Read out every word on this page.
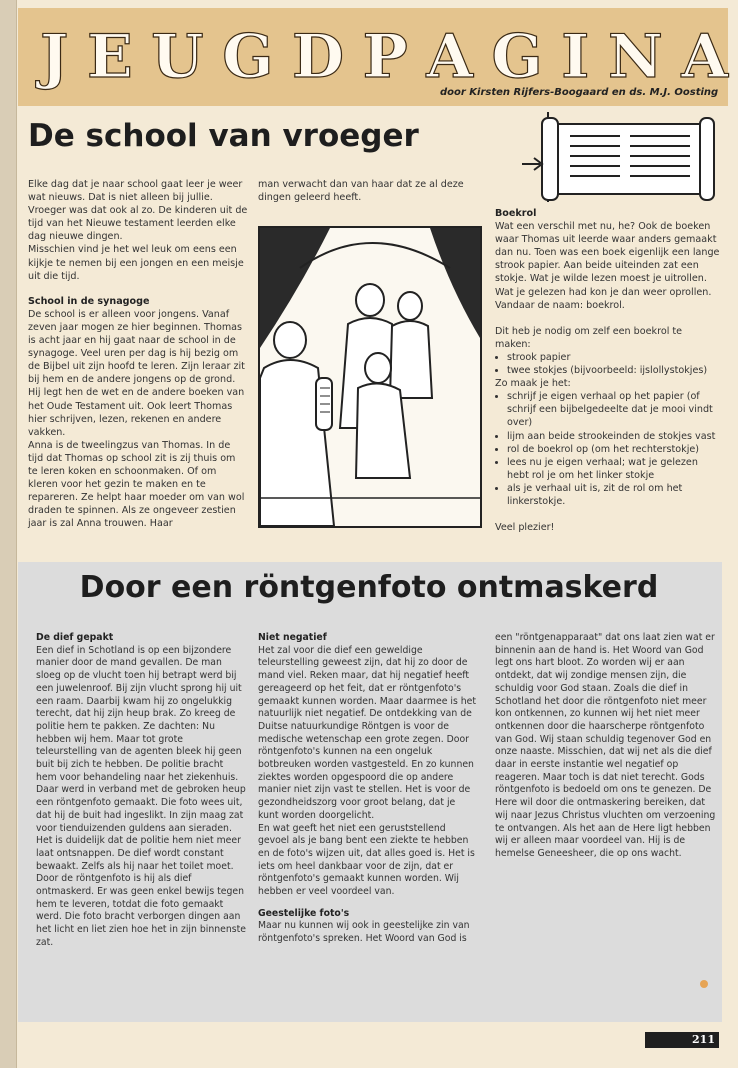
J E U G D P A G I N A
door Kirsten Rijfers-Boogaard en ds. M.J. Oosting
De school van vroeger

Elke dag dat je naar school gaat leer je weer wat nieuws. Dat is niet alleen bij jullie. Vroeger was dat ook al zo. De kinderen uit de tijd van het Nieuwe testament leerden elke dag nieuwe dingen.

Misschien vind je het wel leuk om eens een kijkje te nemen bij een jongen en een meisje uit die tijd.

School in de synagoge

De school is er alleen voor jongens. Vanaf zeven jaar mogen ze hier beginnen. Thomas is acht jaar en hij gaat naar de school in de synagoge. Veel uren per dag is hij bezig om de Bijbel uit zijn hoofd te leren. Zijn leraar zit bij hem en de andere jongens op de grond. Hij legt hen de wet en de andere boeken van het Oude Testament uit. Ook leert Thomas hier schrijven, lezen, rekenen en andere vakken.

Anna is de tweelingzus van Thomas. In de tijd dat Thomas op school zit is zij thuis om te leren koken en schoonmaken. Of om kleren voor het gezin te maken en te repareren. Ze helpt haar moeder om van wol draden te spinnen. Als ze ongeveer zestien jaar is zal Anna trouwen. Haar

man verwacht dan van haar dat ze al deze dingen geleerd heeft.

Boekrol

Wat een verschil met nu, he? Ook de boeken waar Thomas uit leerde waar anders gemaakt dan nu. Toen was een boek eigenlijk een lange strook papier. Aan beide uiteinden zat een stokje. Wat je wilde lezen moest je uitrollen. Wat je gelezen had kon je dan weer oprollen. Vandaar de naam: boekrol.

Dit heb je nodig om zelf een boekrol te maken:

• strook papier
• twee stokjes (bijvoorbeeld: ijslollystokjes)

Zo maak je het:

• schrijf je eigen verhaal op het papier (of schrijf een bijbelgedeelte dat je mooi vindt over)
• lijm aan beide strookeinden de stokjes vast
• rol de boekrol op (om het rechterstokje)
• lees nu je eigen verhaal; wat je gelezen hebt rol je om het linker stokje
• als je verhaal uit is, zit de rol om het linkerstokje.

Veel plezier!

Door een röntgenfoto ontmaskerd

De dief gepakt

Een dief in Schotland is op een bijzondere manier door de mand gevallen. De man sloeg op de vlucht toen hij betrapt werd bij een juwelenroof. Bij zijn vlucht sprong hij uit een raam. Daarbij kwam hij zo ongelukkig terecht, dat hij zijn heup brak. Zo kreeg de politie hem te pakken. Ze dachten: Nu hebben wij hem. Maar tot grote teleurstelling van de agenten bleek hij geen buit bij zich te hebben. De politie bracht hem voor behandeling naar het ziekenhuis. Daar werd in verband met de gebroken heup een röntgenfoto gemaakt. Die foto wees uit, dat hij de buit had ingeslikt. In zijn maag zat voor tienduizenden guldens aan sieraden. Het is duidelijk dat de politie hem niet meer laat ontsnappen. De dief wordt constant bewaakt. Zelfs als hij naar het toilet moet.

Door de röntgenfoto is hij als dief ontmaskerd. Er was geen enkel bewijs tegen hem te leveren, totdat die foto gemaakt werd. Die foto bracht verborgen dingen aan het licht en liet zien hoe het in zijn binnenste zat.

Niet negatief

Het zal voor die dief een geweldige teleurstelling geweest zijn, dat hij zo door de mand viel. Reken maar, dat hij negatief heeft gereageerd op het feit, dat er röntgenfoto's gemaakt kunnen worden. Maar daarmee is het natuurlijk niet negatief. De ontdekking van de Duitse natuurkundige Röntgen is voor de medische wetenschap een grote zegen. Door röntgenfoto's kunnen na een ongeluk botbreuken worden vastgesteld. En zo kunnen ziektes worden opgespoord die op andere manier niet zijn vast te stellen. Het is voor de gezondheidszorg voor groot belang, dat je kunt worden doorgelicht.

En wat geeft het niet een geruststellend gevoel als je bang bent een ziekte te hebben en de foto's wijzen uit, dat alles goed is. Het is iets om heel dankbaar voor de zijn, dat er röntgenfoto's gemaakt kunnen worden. Wij hebben er veel voordeel van.

Geestelijke foto's

Maar nu kunnen wij ook in geestelijke zin van röntgenfoto's spreken. Het Woord van God is

een "röntgenapparaat" dat ons laat zien wat er binnenin aan de hand is. Het Woord van God legt ons hart bloot. Zo worden wij er aan ontdekt, dat wij zondige mensen zijn, die schuldig voor God staan. Zoals die dief in Schotland het door die röntgenfoto niet meer kon ontkennen, zo kunnen wij het niet meer ontkennen door die haarscherpe röntgenfoto van God. Wij staan schuldig tegenover God en onze naaste. Misschien, dat wij net als die dief daar in eerste instantie wel negatief op reageren. Maar toch is dat niet terecht. Gods röntgenfoto is bedoeld om ons te genezen. De Here wil door die ontmaskering bereiken, dat wij naar Jezus Christus vluchten om verzoening te ontvangen. Als het aan de Here ligt hebben wij er alleen maar voordeel van. Hij is de hemelse Geneesheer, die op ons wacht.

211
